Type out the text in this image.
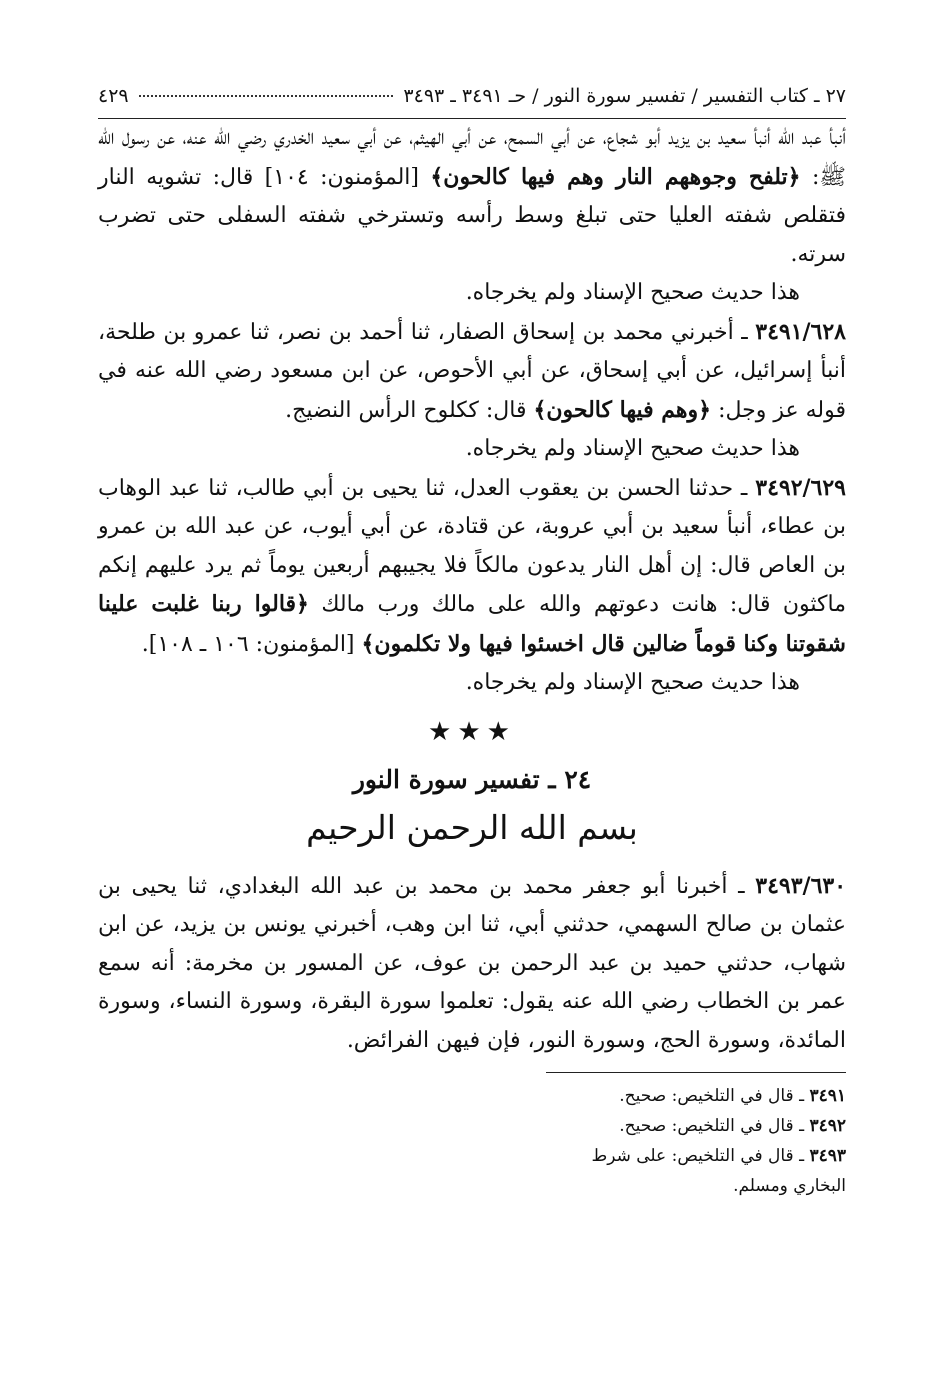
٢٧ ـ كتاب التفسير / تفسير سورة النور / حـ ٣٤٩١ ـ ٣٤٩٣
٤٢٩

أنبأ عبد الله أنبأ سعيد بن يزيد أبو شجاع، عن أبي السمح، عن أبي الهيثم، عن أبي سعيد الخدري رضي الله عنه، عن رسول الله ﷺ: ﴿تلفح وجوههم النار وهم فيها كالحون﴾ [المؤمنون: ١٠٤] قال: تشويه النار فتقلص شفته العليا حتى تبلغ وسط رأسه وتسترخي شفته السفلى حتى تضرب سرته.

هذا حديث صحيح الإسناد ولم يخرجاه.

٣٤٩١/٦٢٨ ـ أخبرني محمد بن إسحاق الصفار، ثنا أحمد بن نصر، ثنا عمرو بن طلحة، أنبأ إسرائيل، عن أبي إسحاق، عن أبي الأحوص، عن ابن مسعود رضي الله عنه في قوله عز وجل: ﴿وهم فيها كالحون﴾ قال: ككلوح الرأس النضيج.

هذا حديث صحيح الإسناد ولم يخرجاه.

٣٤٩٢/٦٢٩ ـ حدثنا الحسن بن يعقوب العدل، ثنا يحيى بن أبي طالب، ثنا عبد الوهاب بن عطاء، أنبأ سعيد بن أبي عروبة، عن قتادة، عن أبي أيوب، عن عبد الله بن عمرو بن العاص قال: إن أهل النار يدعون مالكاً فلا يجيبهم أربعين يوماً ثم يرد عليهم إنكم ماكثون قال: هانت دعوتهم والله على مالك ورب مالك ﴿قالوا ربنا غلبت علينا شقوتنا وكنا قوماً ضالين قال اخسئوا فيها ولا تكلمون﴾ [المؤمنون: ١٠٦ ـ ١٠٨].

هذا حديث صحيح الإسناد ولم يخرجاه.

★★★
٢٤ ـ تفسير سورة النور
بسم الله الرحمن الرحيم

٣٤٩٣/٦٣٠ ـ أخبرنا أبو جعفر محمد بن محمد بن عبد الله البغدادي، ثنا يحيى بن عثمان بن صالح السهمي، حدثني أبي، ثنا ابن وهب، أخبرني يونس بن يزيد، عن ابن شهاب، حدثني حميد بن عبد الرحمن بن عوف، عن المسور بن مخرمة: أنه سمع عمر بن الخطاب رضي الله عنه يقول: تعلموا سورة البقرة، وسورة النساء، وسورة المائدة، وسورة الحج، وسورة النور، فإن فيهن الفرائض.

٣٤٩١ ـ قال في التلخيص: صحيح.

٣٤٩٢ ـ قال في التلخيص: صحيح.

٣٤٩٣ ـ قال في التلخيص: على شرط البخاري ومسلم.
